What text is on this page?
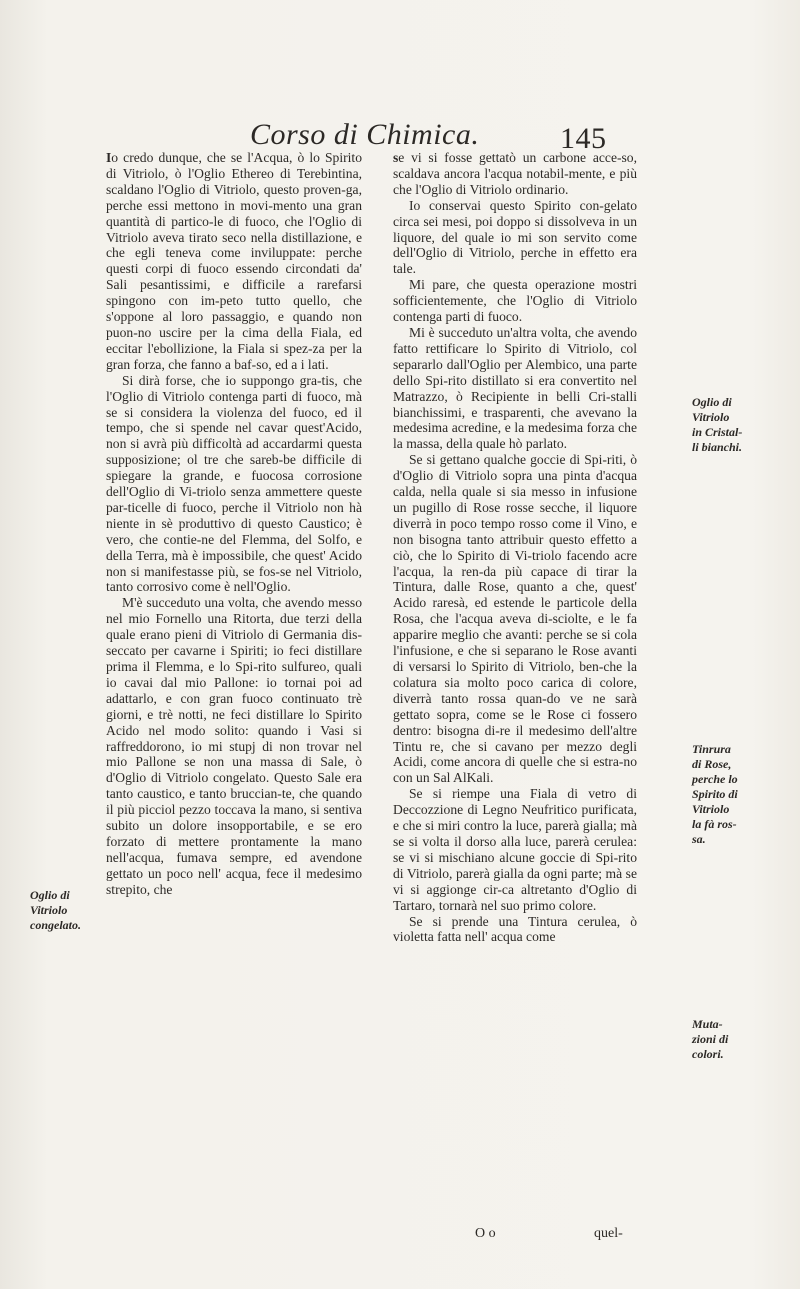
Corso di Chimica.	145

Io credo dunque, che se l'Acqua, ò lo Spirito di Vitriolo, ò l'Oglio Ethereo di Terebintina, scaldano l'Oglio di Vitriolo, questo proven-ga, perche essi mettono in movi-mento una gran quantità di partico-le di fuoco, che l'Oglio di Vitriolo aveva tirato seco nella distillazione, e che egli teneva come inviluppate: perche questi corpi di fuoco essendo circondati da' Sali pesantissimi, e difficile a rarefarsi spingono con im-peto tutto quello, che s'oppone al loro passaggio, e quando non puon-no uscire per la cima della Fiala, ed eccitar l'ebollizione, la Fiala si spez-za per la gran forza, che fanno a baf-so, ed a i lati.

Si dirà forse, che io suppongo gra-tis, che l'Oglio di Vitriolo contenga parti di fuoco, mà se si considera la violenza del fuoco, ed il tempo, che si spende nel cavar quest'Acido, non si avrà più difficoltà ad accardarmi questa supposizione; ol tre che sareb-be difficile di spiegare la grande, e fuocosa corrosione dell'Oglio di Vi-triolo senza ammettere queste par-ticelle di fuoco, perche il Vitriolo non hà niente in sè produttivo di questo Caustico; è vero, che contie-ne del Flemma, del Solfo, e della Terra, mà è impossibile, che quest' Acido non si manifestasse più, se fos-se nel Vitriolo, tanto corrosivo come è nell'Oglio.

M'è succeduto una volta, che avendo messo nel mio Fornello una Ritorta, due terzi della quale erano pieni di Vitriolo di Germania dis-seccato per cavarne i Spiriti; io feci distillare prima il Flemma, e lo Spi-rito sulfureo, quali io cavai dal mio Pallone: io tornai poi ad adattarlo, e con gran fuoco continuato trè giorni, e trè notti, ne feci distillare lo Spirito Acido nel modo solito: quando i Vasi si raffreddorono, io mi stupj di non trovar nel mio Pallone se non una massa di Sale, ò d'Oglio di Vitriolo congelato. Questo Sale era tanto caustico, e tanto bruccian-te, che quando il più picciol pezzo toccava la mano, si sentiva subito un dolore insopportabile, e se ero forzato di mettere prontamente la mano nell'acqua, fumava sempre, ed avendone gettato un poco nell' acqua, fece il medesimo strepito, che

se vi si fosse gettatò un carbone acce-so, scaldava ancora l'acqua notabil-mente, e più che l'Oglio di Vitriolo ordinario.

Io conservai questo Spirito con-gelato circa sei mesi, poi doppo si dissolveva in un liquore, del quale io mi son servito come dell'Oglio di Vitriolo, perche in effetto era tale.

Mi pare, che questa operazione mostri sofficientemente, che l'Oglio di Vitriolo contenga parti di fuoco.

Mi è succeduto un'altra volta, che avendo fatto rettificare lo Spirito di Vitriolo, col separarlo dall'Oglio per Alembico, una parte dello Spi-rito distillato si era convertito nel Matrazzo, ò Recipiente in belli Cri-stalli bianchissimi, e trasparenti, che avevano la medesima acredine, e la medesima forza che la massa, della quale hò parlato.

Se si gettano qualche goccie di Spi-riti, ò d'Oglio di Vitriolo sopra una pinta d'acqua calda, nella quale si sia messo in infusione un pugillo di Rose rosse secche, il liquore diverrà in poco tempo rosso come il Vino, e non bisogna tanto attribuir questo effetto a ciò, che lo Spirito di Vi-triolo facendo acre l'acqua, la ren-da più capace di tirar la Tintura, dalle Rose, quanto a che, quest' Acido raresà, ed estende le particole della Rosa, che l'acqua aveva di-sciolte, e le fa apparire meglio che avanti: perche se si cola l'infusione, e che si separano le Rose avanti di versarsi lo Spirito di Vitriolo, ben-che la colatura sia molto poco carica di colore, diverrà tanto rossa quan-do ve ne sarà gettato sopra, come se le Rose ci fossero dentro: bisogna di-re il medesimo dell'altre Tintu re, che si cavano per mezzo degli Acidi, come ancora di quelle che si estra-no con un Sal AlKali.

Se si riempe una Fiala di vetro di Deccozzione di Legno Neufritico purificata, e che si miri contro la luce, parerà gialla; mà se si volta il dorso alla luce, parerà cerulea: se vi si mischiano alcune goccie di Spi-rito di Vitriolo, parerà gialla da ogni parte; mà se vi si aggionge cir-ca altretanto d'Oglio di Tartaro, tornarà nel suo primo colore.

Se si prende una Tintura cerulea, ò violetta fatta nell' acqua come

Oglio di
Vitriolo
congelato.
Oglio di
Vitriolo
in Cristal-
li bianchi.
Tinrura
di Rose,
perche lo
Spirito di
Vitriolo
la fà ros-
sa.
Muta-
zioni di
colori.
O o	quel-
